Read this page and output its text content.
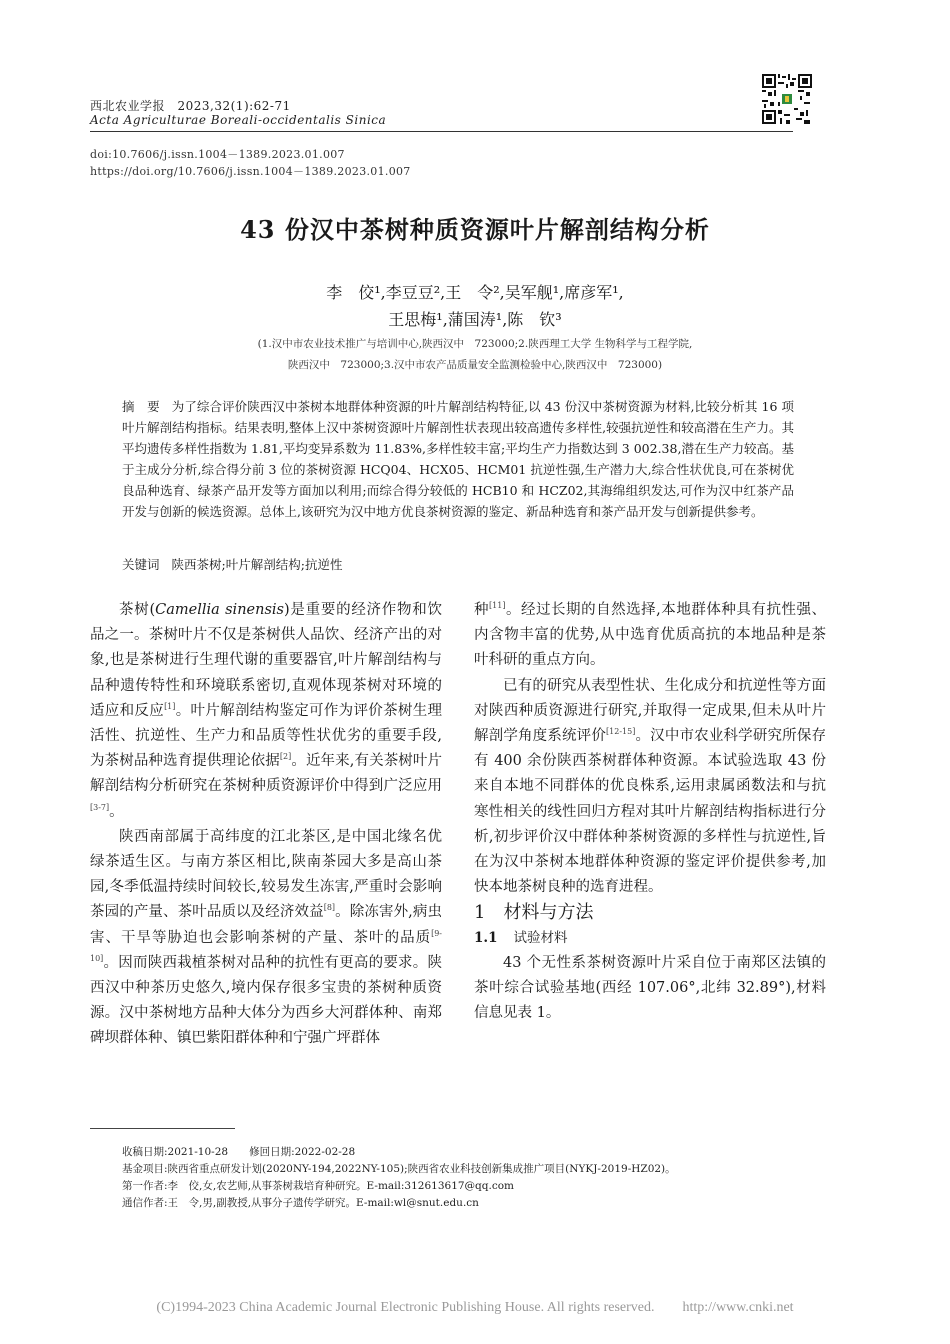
西北农业学报　2023,32(1):62-71
Acta Agriculturae Boreali-occidentalis Sinica
doi:10.7606/j.issn.1004－1389.2023.01.007
https://doi.org/10.7606/j.issn.1004－1389.2023.01.007
43 份汉中茶树种质资源叶片解剖结构分析
李　佼¹,李豆豆²,王　令²,吴军舰¹,席彦军¹,
王思梅¹,蒲国涛¹,陈　钦³
(1.汉中市农业技术推广与培训中心,陕西汉中　723000;2.陕西理工大学 生物科学与工程学院,
陕西汉中　723000;3.汉中市农产品质量安全监测检验中心,陕西汉中　723000)
摘　要 为了综合评价陕西汉中茶树本地群体种资源的叶片解剖结构特征,以 43 份汉中茶树资源为材料,比较分析其 16 项叶片解剖结构指标。结果表明,整体上汉中茶树资源叶片解剖性状表现出较高遗传多样性,较强抗逆性和较高潜在生产力。其平均遗传多样性指数为 1.81,平均变异系数为 11.83%,多样性较丰富;平均生产力指数达到 3 002.38,潜在生产力较高。基于主成分分析,综合得分前 3 位的茶树资源 HCQ04、HCX05、HCM01 抗逆性强,生产潜力大,综合性状优良,可在茶树优良品种选育、绿茶产品开发等方面加以利用;而综合得分较低的 HCB10 和 HCZ02,其海绵组织发达,可作为汉中红茶产品开发与创新的候选资源。总体上,该研究为汉中地方优良茶树资源的鉴定、新品种选育和茶产品开发与创新提供参考。
关键词 陕西茶树;叶片解剖结构;抗逆性

茶树(Camellia sinensis)是重要的经济作物和饮品之一。茶树叶片不仅是茶树供人品饮、经济产出的对象,也是茶树进行生理代谢的重要器官,叶片解剖结构与品种遗传特性和环境联系密切,直观体现茶树对环境的适应和反应[1]。叶片解剖结构鉴定可作为评价茶树生理活性、抗逆性、生产力和品质等性状优劣的重要手段,为茶树品种选育提供理论依据[2]。近年来,有关茶树叶片解剖结构分析研究在茶树种质资源评价中得到广泛应用[3-7]。

陕西南部属于高纬度的江北茶区,是中国北缘名优绿茶适生区。与南方茶区相比,陕南茶园大多是高山茶园,冬季低温持续时间较长,较易发生冻害,严重时会影响茶园的产量、茶叶品质以及经济效益[8]。除冻害外,病虫害、干旱等胁迫也会影响茶树的产量、茶叶的品质[9-10]。因而陕西栽植茶树对品种的抗性有更高的要求。陕西汉中种茶历史悠久,境内保存很多宝贵的茶树种质资源。汉中茶树地方品种大体分为西乡大河群体种、南郑碑坝群体种、镇巴紫阳群体种和宁强广坪群体

种[11]。经过长期的自然选择,本地群体种具有抗性强、内含物丰富的优势,从中选育优质高抗的本地品种是茶叶科研的重点方向。

已有的研究从表型性状、生化成分和抗逆性等方面对陕西种质资源进行研究,并取得一定成果,但未从叶片解剖学角度系统评价[12-15]。汉中市农业科学研究所保存有 400 余份陕西茶树群体种资源。本试验选取 43 份来自本地不同群体的优良株系,运用隶属函数法和与抗寒性相关的线性回归方程对其叶片解剖结构指标进行分析,初步评价汉中群体种茶树资源的多样性与抗逆性,旨在为汉中茶树本地群体种资源的鉴定评价提供参考,加快本地茶树良种的选育进程。

1　材料与方法

1.1 试验材料

43 个无性系茶树资源叶片采自位于南郑区法镇的茶叶综合试验基地(西经 107.06°,北纬 32.89°),材料信息见表 1。

收稿日期:2021-10-28　　修回日期:2022-02-28
基金项目:陕西省重点研发计划(2020NY-194,2022NY-105);陕西省农业科技创新集成推广项目(NYKJ-2019-HZ02)。
第一作者:李　佼,女,农艺师,从事茶树栽培育种研究。E-mail:312613617@qq.com
通信作者:王　令,男,副教授,从事分子遗传学研究。E-mail:wl@snut.edu.cn
(C)1994-2023 China Academic Journal Electronic Publishing House. All rights reserved.　　http://www.cnki.net
